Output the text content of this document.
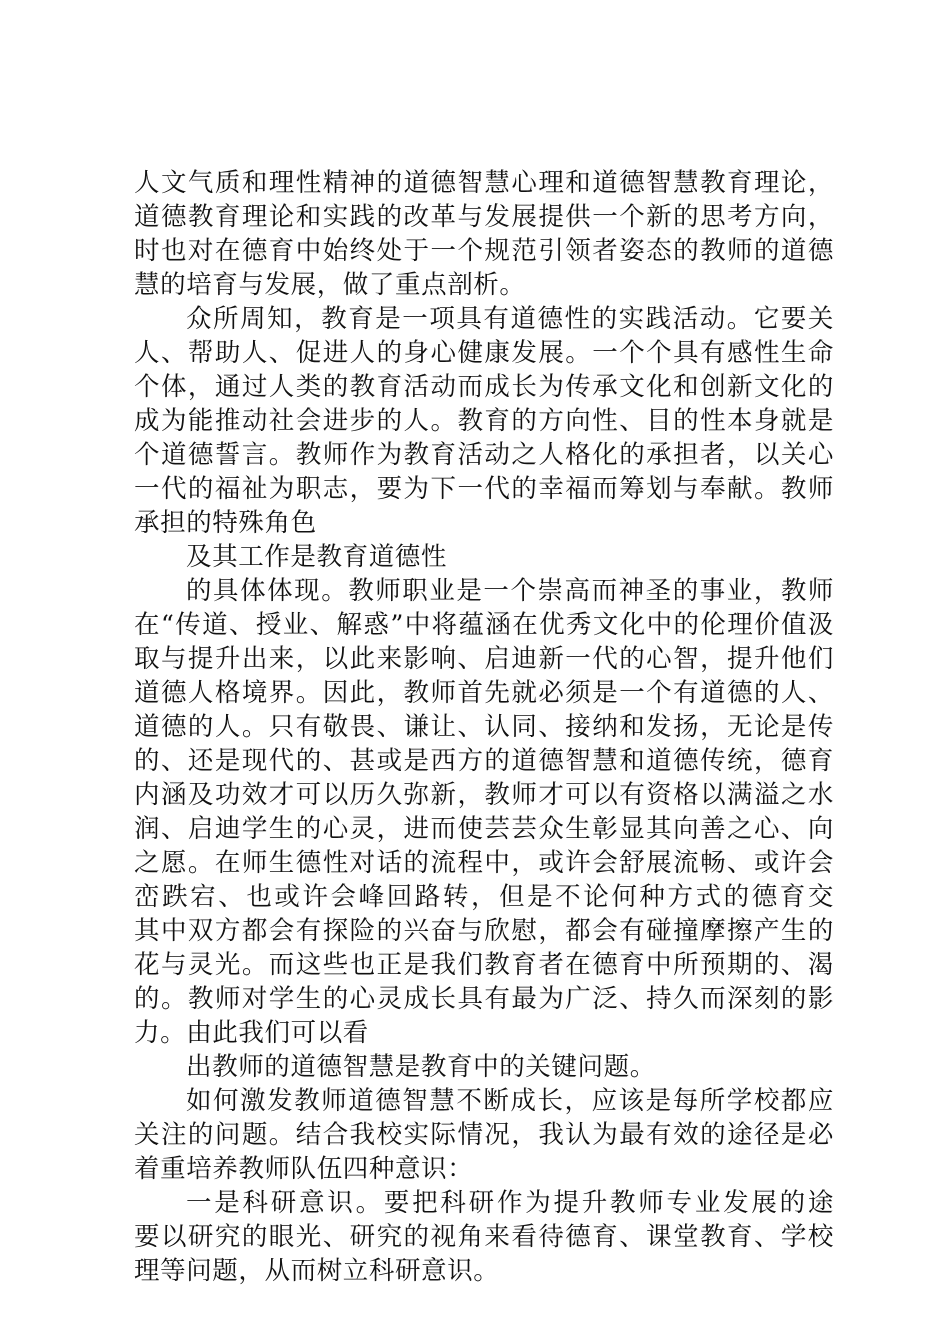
人文气质和理性精神的道德智慧心理和道德智慧教育理论，
道德教育理论和实践的改革与发展提供一个新的思考方向，
时也对在德育中始终处于一个规范引领者姿态的教师的道德
慧的培育与发展，做了重点剖析。
众所周知，教育是一项具有道德性的实践活动。它要关
人、帮助人、促进人的身心健康发展。一个个具有感性生命
个体，通过人类的教育活动而成长为传承文化和创新文化的
成为能推动社会进步的人。教育的方向性、目的性本身就是
个道德誓言。教师作为教育活动之人格化的承担者，以关心
一代的福祉为职志，要为下一代的幸福而筹划与奉献。教师
承担的特殊角色
及其工作是教育道德性
的具体体现。教师职业是一个崇高而神圣的事业，教师
在“传道、授业、解惑”中将蕴涵在优秀文化中的伦理价值汲
取与提升出来，以此来影响、启迪新一代的心智，提升他们
道德人格境界。因此，教师首先就必须是一个有道德的人、
道德的人。只有敬畏、谦让、认同、接纳和发扬，无论是传
的、还是现代的、甚或是西方的道德智慧和道德传统，德育
内涵及功效才可以历久弥新，教师才可以有资格以满溢之水
润、启迪学生的心灵，进而使芸芸众生彰显其向善之心、向
之愿。在师生德性对话的流程中，或许会舒展流畅、或许会
峦跌宕、也或许会峰回路转，但是不论何种方式的德育交
其中双方都会有探险的兴奋与欣慰，都会有碰撞摩擦产生的
花与灵光。而这些也正是我们教育者在德育中所预期的、渴
的。教师对学生的心灵成长具有最为广泛、持久而深刻的影
力。由此我们可以看
出教师的道德智慧是教育中的关键问题。
如何激发教师道德智慧不断成长，应该是每所学校都应
关注的问题。结合我校实际情况，我认为最有效的途径是必
着重培养教师队伍四种意识：
一是科研意识。要把科研作为提升教师专业发展的途
要以研究的眼光、研究的视角来看待德育、课堂教育、学校
理等问题，从而树立科研意识。
